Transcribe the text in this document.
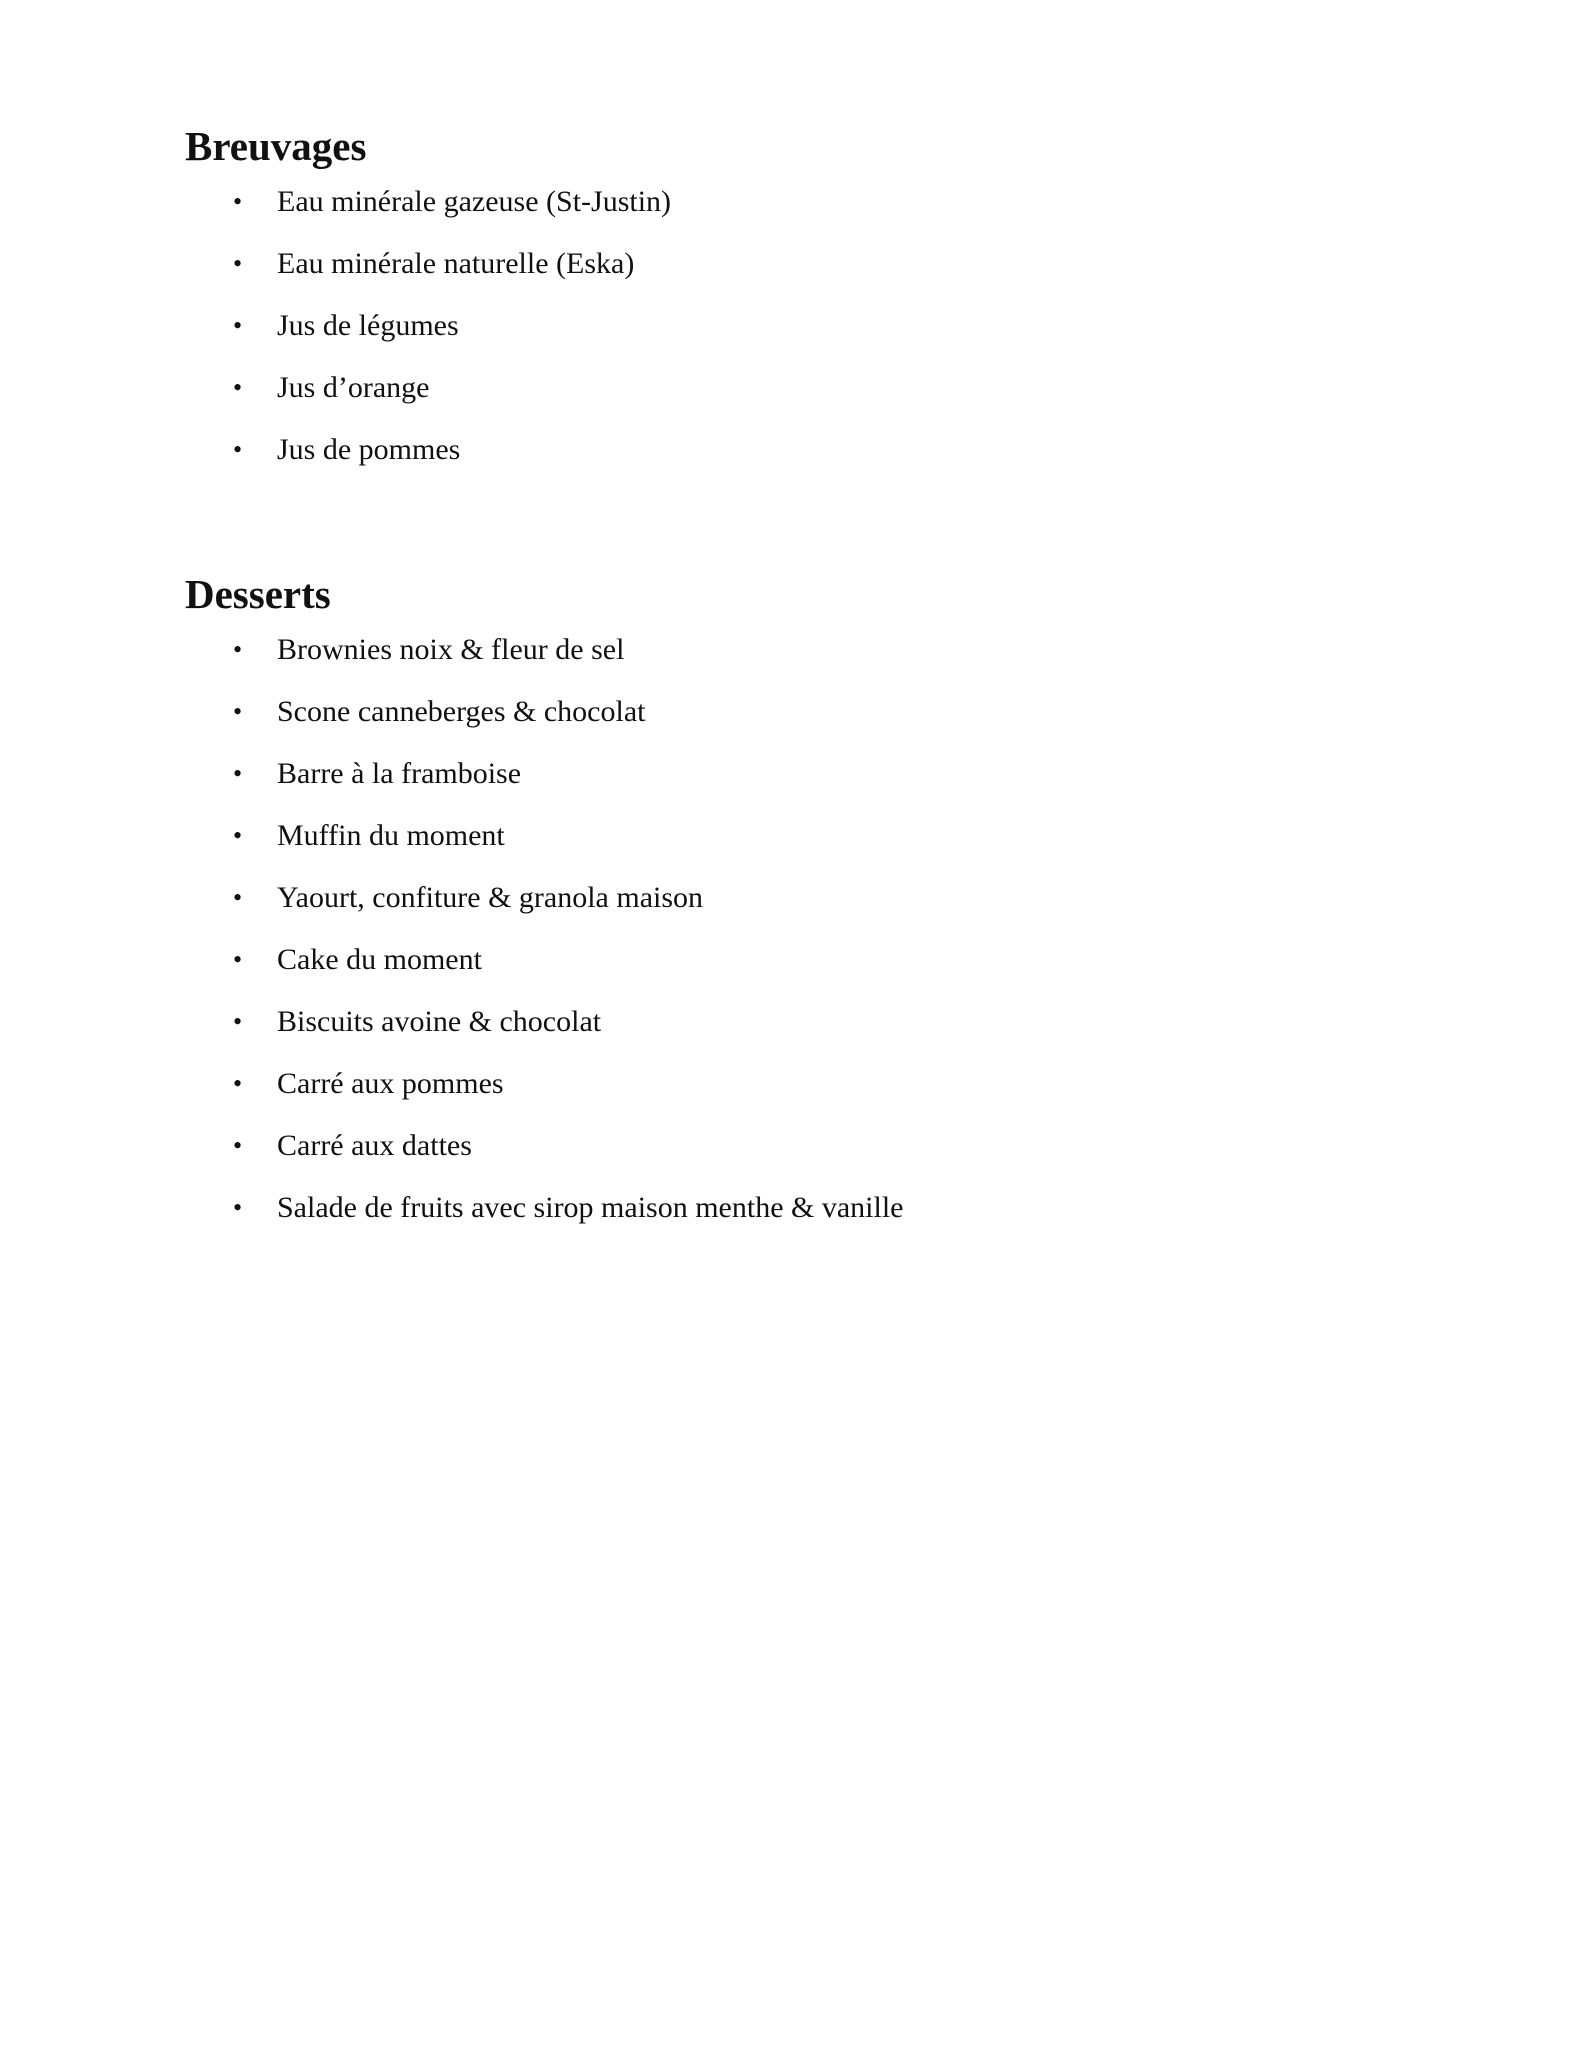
Breuvages
• Eau minérale gazeuse (St-Justin)
• Eau minérale naturelle (Eska)
• Jus de légumes
• Jus d’orange
• Jus de pommes
Desserts
• Brownies noix & fleur de sel
• Scone canneberges & chocolat
• Barre à la framboise
• Muffin du moment
• Yaourt, confiture & granola maison
• Cake du moment
• Biscuits avoine & chocolat
• Carré aux pommes
• Carré aux dattes
• Salade de fruits avec sirop maison menthe & vanille
